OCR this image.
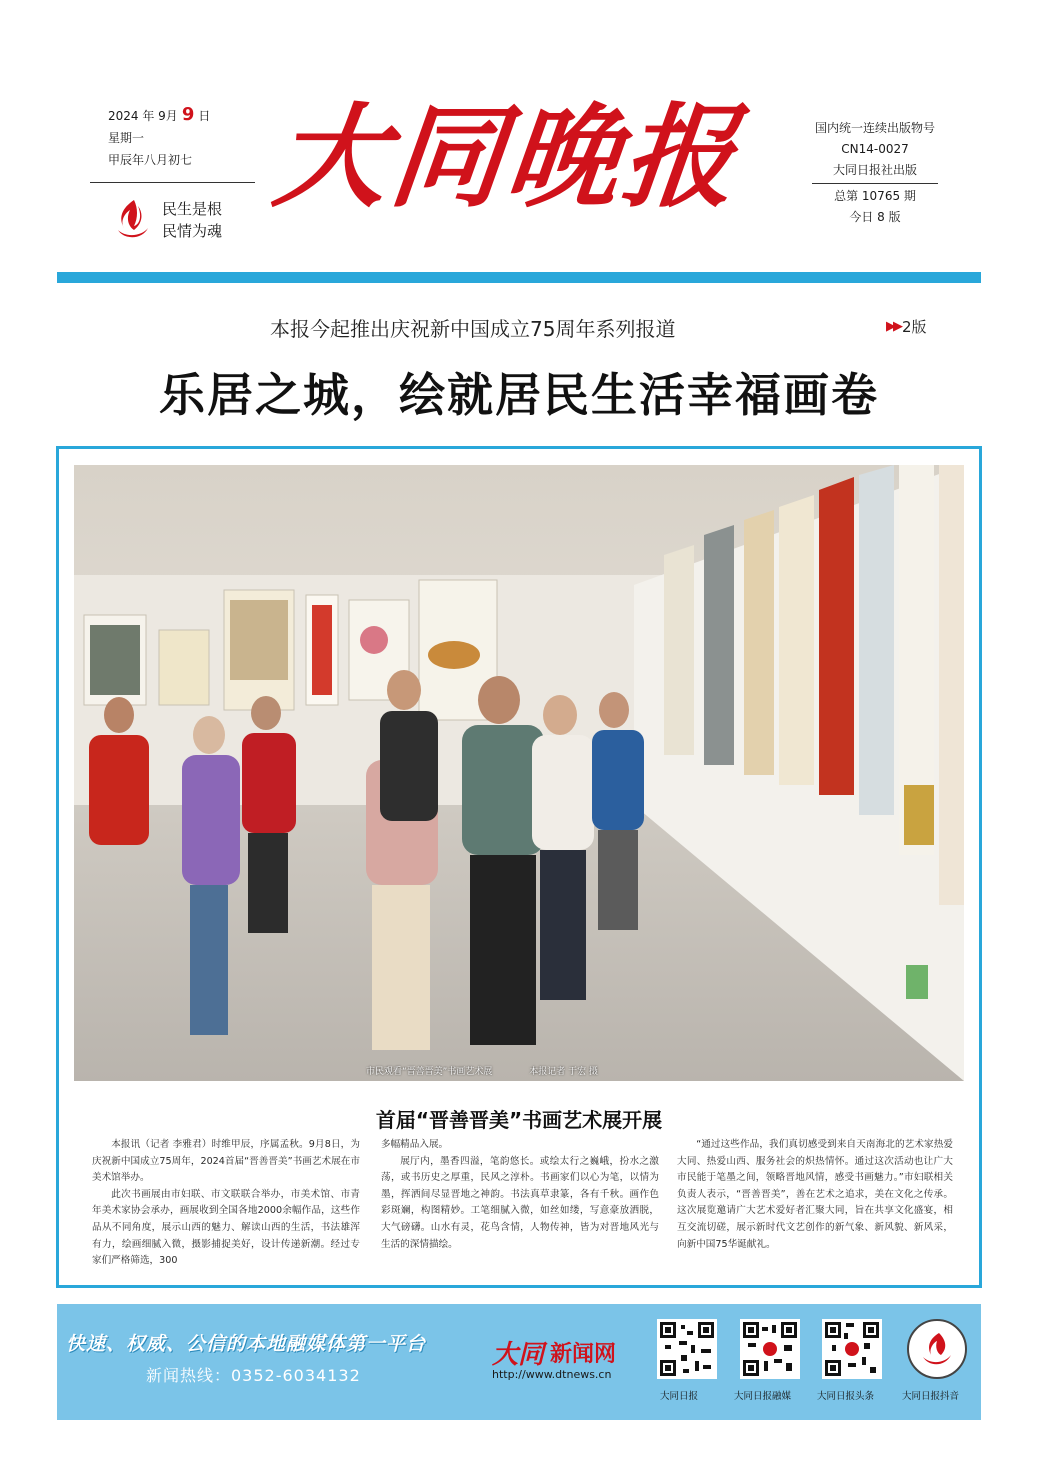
2024 年 9月 9 日
星期一
甲辰年八月初七
民生是根
民情为魂
大同晚报	国内统一连续出版物号
CN14-0027
大同日报社出版
总第 10765 期
今日 8 版
本报今起推出庆祝新中国成立75周年系列报道	▶▶ 2版
乐居之城，绘就居民生活幸福画卷
市民观看“晋善晋美”书画艺术展	本报记者 于宏 摄
首届“晋善晋美”书画艺术展开展

本报讯（记者 李雅君）时维甲辰，序属孟秋。9月8日，为庆祝新中国成立75周年，2024首届“晋善晋美”书画艺术展在市美术馆举办。

此次书画展由市妇联、市文联联合举办，市美术馆、市青年美术家协会承办，画展收到全国各地2000余幅作品，这些作品从不同角度，展示山西的魅力、解读山西的生活，书法雄浑有力，绘画细腻入微，摄影捕捉美好，设计传递新潮。经过专家们严格筛选，300

多幅精品入展。

展厅内，墨香四溢，笔韵悠长。或绘太行之巍峨，扮水之激荡，或书历史之厚重，民风之淳朴。书画家们以心为笔，以情为墨，挥洒间尽显晋地之神韵。书法真草隶篆，各有千秋。画作色彩斑斓，构图精妙。工笔细腻入微，如丝如缕，写意豪放洒脱，大气磅礴。山水有灵，花鸟含情，人物传神，皆为对晋地风光与生活的深情描绘。

“通过这些作品，我们真切感受到来自天南海北的艺术家热爱大同、热爱山西、服务社会的炽热情怀。通过这次活动也让广大市民能于笔墨之间，领略晋地风情，感受书画魅力。”市妇联相关负责人表示，“晋善晋美”，善在艺术之追求，美在文化之传承。这次展览邀请广大艺术爱好者汇聚大同，旨在共享文化盛宴，相互交流切磋，展示新时代文艺创作的新气象、新风貌、新风采，向新中国75华诞献礼。

快速、权威、公信的本地融媒体第一平台
新闻热线：0352-6034132
大同 新闻网
http://www.dtnews.cn
大同日报	大同日报融媒	大同日报头条	大同日报抖音
